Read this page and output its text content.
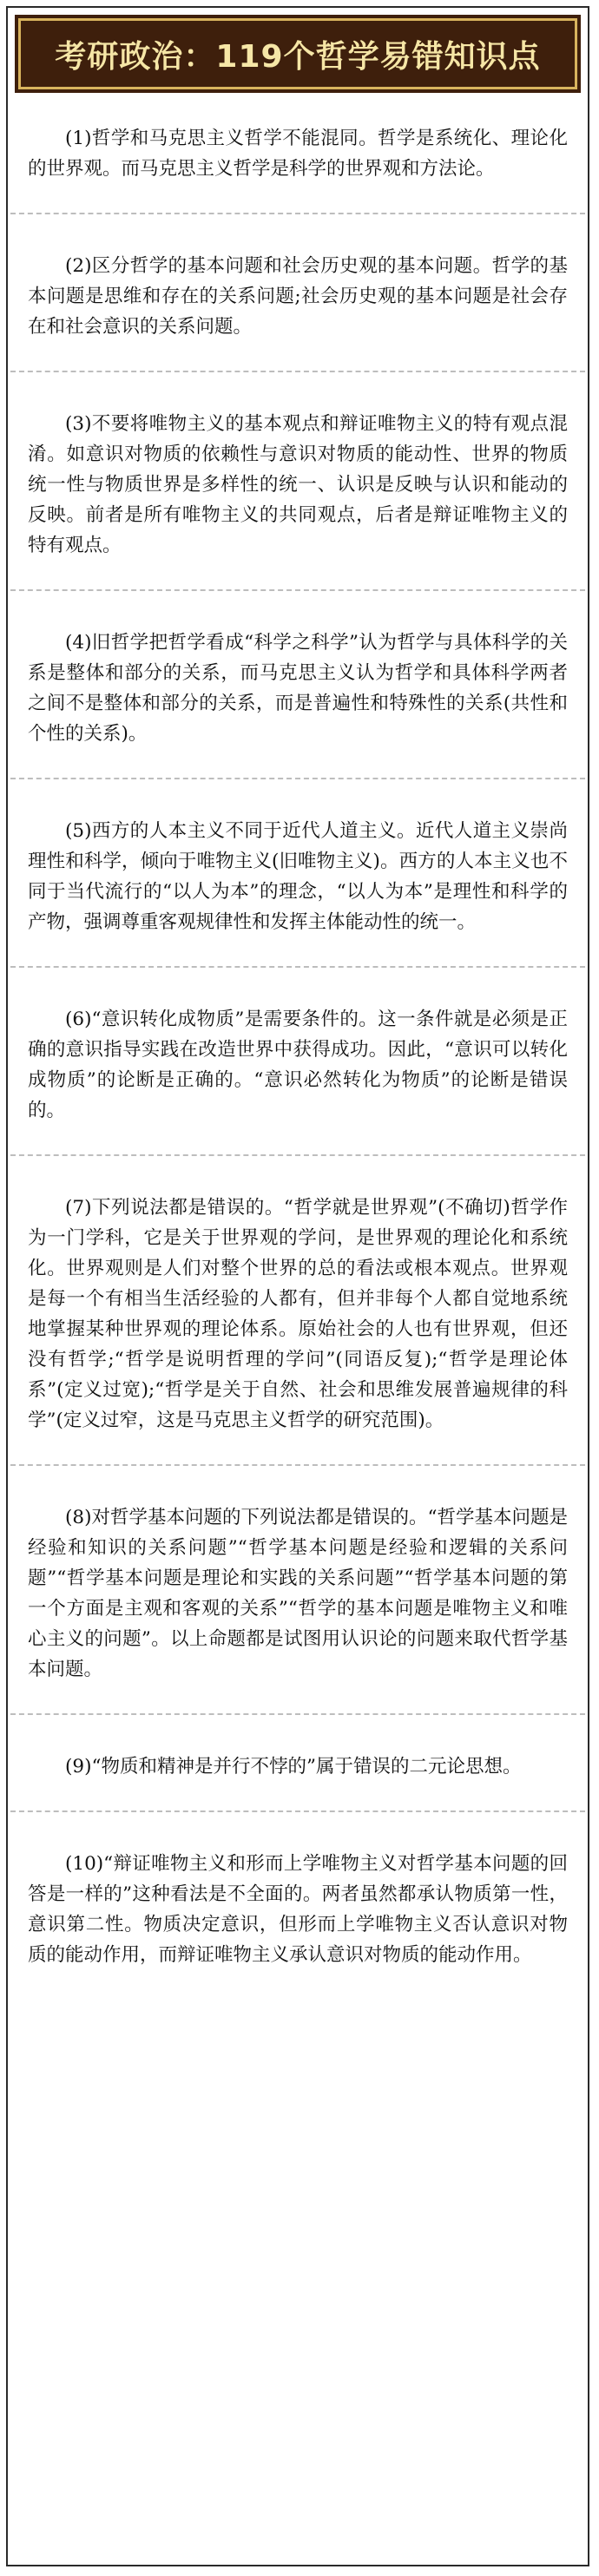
考研政治：119个哲学易错知识点

(1)哲学和马克思主义哲学不能混同。哲学是系统化、理论化的世界观。而马克思主义哲学是科学的世界观和方法论。

(2)区分哲学的基本问题和社会历史观的基本问题。哲学的基本问题是思维和存在的关系问题;社会历史观的基本问题是社会存在和社会意识的关系问题。

(3)不要将唯物主义的基本观点和辩证唯物主义的特有观点混淆。如意识对物质的依赖性与意识对物质的能动性、世界的物质统一性与物质世界是多样性的统一、认识是反映与认识和能动的反映。前者是所有唯物主义的共同观点，后者是辩证唯物主义的特有观点。

(4)旧哲学把哲学看成“科学之科学”认为哲学与具体科学的关系是整体和部分的关系，而马克思主义认为哲学和具体科学两者之间不是整体和部分的关系，而是普遍性和特殊性的关系(共性和个性的关系)。

(5)西方的人本主义不同于近代人道主义。近代人道主义崇尚理性和科学，倾向于唯物主义(旧唯物主义)。西方的人本主义也不同于当代流行的“以人为本”的理念，“以人为本”是理性和科学的产物，强调尊重客观规律性和发挥主体能动性的统一。

(6)“意识转化成物质”是需要条件的。这一条件就是必须是正确的意识指导实践在改造世界中获得成功。因此，“意识可以转化成物质”的论断是正确的。“意识必然转化为物质”的论断是错误的。

(7)下列说法都是错误的。“哲学就是世界观”(不确切)哲学作为一门学科，它是关于世界观的学问，是世界观的理论化和系统化。世界观则是人们对整个世界的总的看法或根本观点。世界观是每一个有相当生活经验的人都有，但并非每个人都自觉地系统地掌握某种世界观的理论体系。原始社会的人也有世界观，但还没有哲学;“哲学是说明哲理的学问”(同语反复);“哲学是理论体系”(定义过宽);“哲学是关于自然、社会和思维发展普遍规律的科学”(定义过窄，这是马克思主义哲学的研究范围)。

(8)对哲学基本问题的下列说法都是错误的。“哲学基本问题是经验和知识的关系问题”“哲学基本问题是经验和逻辑的关系问题”“哲学基本问题是理论和实践的关系问题”“哲学基本问题的第一个方面是主观和客观的关系”“哲学的基本问题是唯物主义和唯心主义的问题”。以上命题都是试图用认识论的问题来取代哲学基本问题。

(9)“物质和精神是并行不悖的”属于错误的二元论思想。

(10)“辩证唯物主义和形而上学唯物主义对哲学基本问题的回答是一样的”这种看法是不全面的。两者虽然都承认物质第一性，意识第二性。物质决定意识，但形而上学唯物主义否认意识对物质的能动作用，而辩证唯物主义承认意识对物质的能动作用。
